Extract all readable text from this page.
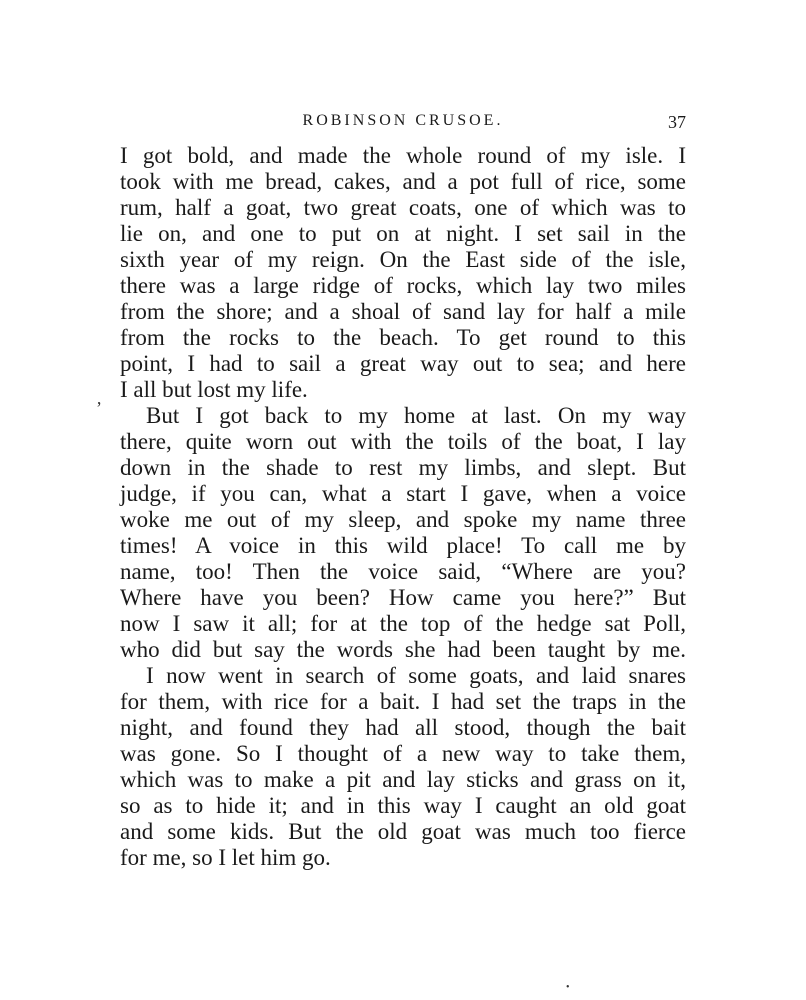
ROBINSON CRUSOE.	37
I got bold, and made the whole round of my isle. I
took with me bread, cakes, and a pot full of rice, some
rum, half a goat, two great coats, one of which was to
lie on, and one to put on at night. I set sail in the
sixth year of my reign. On the East side of the isle,
there was a large ridge of rocks, which lay two miles
from the shore; and a shoal of sand lay for half a mile
from the rocks to the beach. To get round to this
point, I had to sail a great way out to sea; and here
I all but lost my life.
But I got back to my home at last. On my way
there, quite worn out with the toils of the boat, I lay
down in the shade to rest my limbs, and slept. But
judge, if you can, what a start I gave, when a voice
woke me out of my sleep, and spoke my name three
times! A voice in this wild place! To call me by
name, too! Then the voice said, “Where are you?
Where have you been? How came you here?” But
now I saw it all; for at the top of the hedge sat Poll,
who did but say the words she had been taught by me.
I now went in search of some goats, and laid snares
for them, with rice for a bait. I had set the traps in the
night, and found they had all stood, though the bait
was gone. So I thought of a new way to take them,
which was to make a pit and lay sticks and grass on it,
so as to hide it; and in this way I caught an old goat
and some kids. But the old goat was much too fierce
for me, so I let him go.
’
•
